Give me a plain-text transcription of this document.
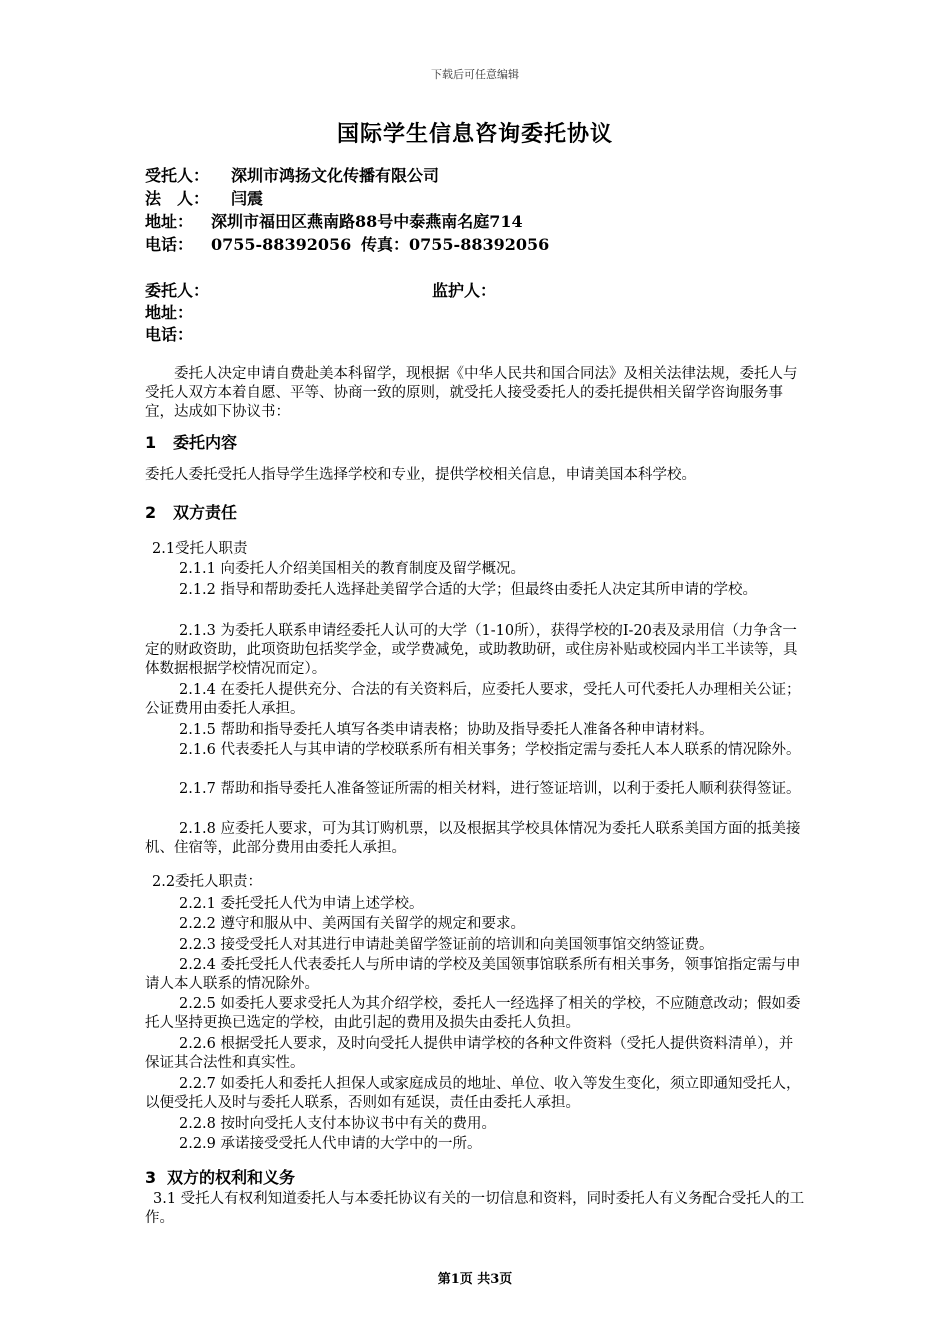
下载后可任意编辑
国际学生信息咨询委托协议
受托人： 深圳市鸿扬文化传播有限公司
法　人： 闫震
地址： 深圳市福田区燕南路88号中泰燕南名庭714
电话： 0755-88392056 传真：0755-88392056
委托人：	监护人：
地址：
电话：
委托人决定申请自费赴美本科留学，现根据《中华人民共和国合同法》及相关法律法规，委托人与受托人双方本着自愿、平等、协商一致的原则，就受托人接受委托人的委托提供相关留学咨询服务事宜，达成如下协议书：
1 委托内容
委托人委托受托人指导学生选择学校和专业，提供学校相关信息，申请美国本科学校。
2 双方责任
2.1受托人职责
2.1.1 向委托人介绍美国相关的教育制度及留学概况。
2.1.2 指导和帮助委托人选择赴美留学合适的大学；但最终由委托人决定其所申请的学校。
2.1.3 为委托人联系申请经委托人认可的大学（1-10所），获得学校的I-20表及录用信（力争含一定的财政资助，此项资助包括奖学金，或学费减免，或助教助研，或住房补贴或校园内半工半读等，具体数据根据学校情况而定）。
2.1.4 在委托人提供充分、合法的有关资料后，应委托人要求，受托人可代委托人办理相关公证；公证费用由委托人承担。
2.1.5 帮助和指导委托人填写各类申请表格；协助及指导委托人准备各种申请材料。
2.1.6 代表委托人与其申请的学校联系所有相关事务；学校指定需与委托人本人联系的情况除外。
2.1.7 帮助和指导委托人准备签证所需的相关材料，进行签证培训，以利于委托人顺利获得签证。
2.1.8 应委托人要求，可为其订购机票，以及根据其学校具体情况为委托人联系美国方面的抵美接机、住宿等，此部分费用由委托人承担。
2.2委托人职责：
2.2.1 委托受托人代为申请上述学校。
2.2.2 遵守和服从中、美两国有关留学的规定和要求。
2.2.3 接受受托人对其进行申请赴美留学签证前的培训和向美国领事馆交纳签证费。
2.2.4 委托受托人代表委托人与所申请的学校及美国领事馆联系所有相关事务，领事馆指定需与申请人本人联系的情况除外。
2.2.5 如委托人要求受托人为其介绍学校，委托人一经选择了相关的学校，不应随意改动；假如委托人坚持更换已选定的学校，由此引起的费用及损失由委托人负担。
2.2.6 根据受托人要求，及时向受托人提供申请学校的各种文件资料（受托人提供资料清单），并保证其合法性和真实性。
2.2.7 如委托人和委托人担保人或家庭成员的地址、单位、收入等发生变化，须立即通知受托人，以便受托人及时与委托人联系，否则如有延误，责任由委托人承担。
2.2.8 按时向受托人支付本协议书中有关的费用。
2.2.9 承诺接受受托人代申请的大学中的一所。
3 双方的权利和义务
3.1 受托人有权利知道委托人与本委托协议有关的一切信息和资料，同时委托人有义务配合受托人的工作。
第1页 共3页
